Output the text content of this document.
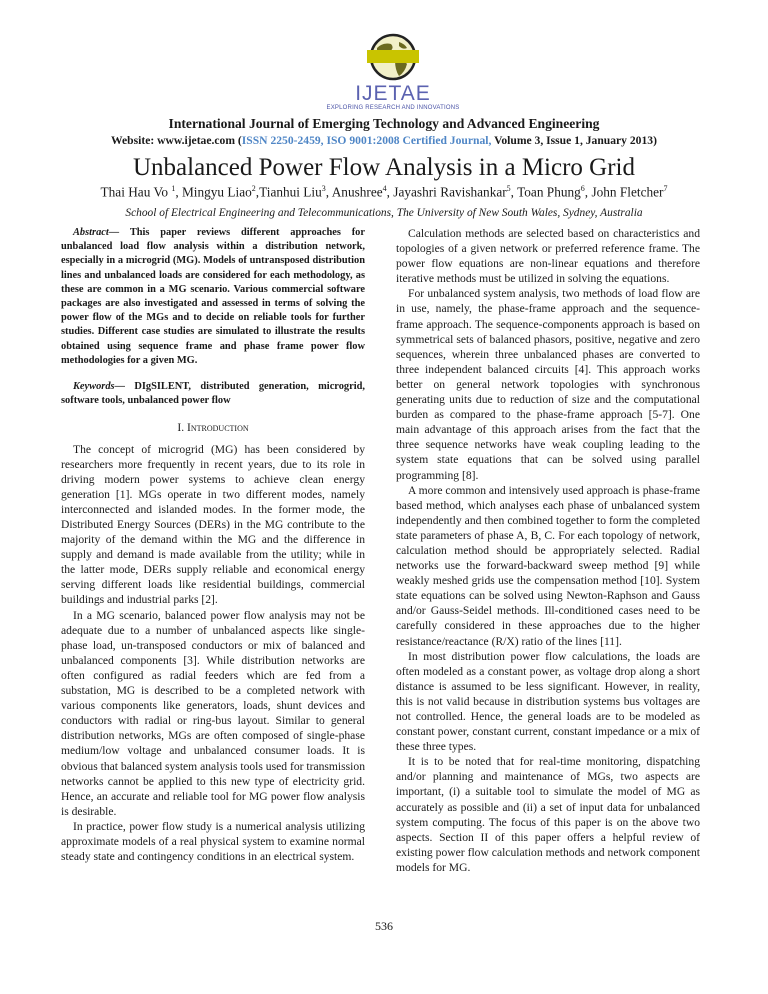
IJETAE
EXPLORING RESEARCH AND INNOVATIONS
International Journal of Emerging Technology and Advanced Engineering
Website: www.ijetae.com (ISSN 2250-2459, ISO 9001:2008 Certified Journal, Volume 3, Issue 1, January 2013)
Unbalanced Power Flow Analysis in a Micro Grid
Thai Hau Vo $^1$, Mingyu Liao$^2$,Tianhui Liu$^3$, Anushree$^4$, Jayashri Ravishankar$^5$, Toan Phung$^6$, John Fletcher$^7$
School of Electrical Engineering and Telecommunications, The University of New South Wales, Sydney, Australia

Abstract— This paper reviews different approaches for unbalanced load flow analysis within a distribution network, especially in a microgrid (MG). Models of untransposed distribution lines and unbalanced loads are considered for each methodology, as these are common in a MG scenario. Various commercial software packages are also investigated and assessed in terms of solving the power flow of the MGs and to decide on reliable tools for further studies. Different case studies are simulated to illustrate the results obtained using sequence frame and phase frame power flow methodologies for a given MG.

Keywords— DIgSILENT, distributed generation, microgrid, software tools, unbalanced power flow

I. Introduction

The concept of microgrid (MG) has been considered by researchers more frequently in recent years, due to its role in driving modern power systems to achieve clean energy generation [1]. MGs operate in two different modes, namely interconnected and islanded modes. In the former mode, the Distributed Energy Sources (DERs) in the MG contribute to the majority of the demand within the MG and the difference in supply and demand is made available from the utility; while in the latter mode, DERs supply reliable and economical energy serving different loads like residential buildings, commercial buildings and industrial parks [2].

In a MG scenario, balanced power flow analysis may not be adequate due to a number of unbalanced aspects like single-phase load, un-transposed conductors or mix of balanced and unbalanced components [3]. While distribution networks are often configured as radial feeders which are fed from a substation, MG is described to be a completed network with various components like generators, loads, shunt devices and conductors with radial or ring-bus layout. Similar to general distribution networks, MGs are often composed of single-phase medium/low voltage and unbalanced consumer loads. It is obvious that balanced system analysis tools used for transmission networks cannot be applied to this new type of electricity grid. Hence, an accurate and reliable tool for MG power flow analysis is desirable.

In practice, power flow study is a numerical analysis utilizing approximate models of a real physical system to examine normal steady state and contingency conditions in an electrical system.

Calculation methods are selected based on characteristics and topologies of a given network or preferred reference frame. The power flow equations are non-linear equations and therefore iterative methods must be utilized in solving the equations.

For unbalanced system analysis, two methods of load flow are in use, namely, the phase-frame approach and the sequence-frame approach. The sequence-components approach is based on symmetrical sets of balanced phasors, positive, negative and zero sequences, wherein three unbalanced phases are converted to three independent balanced circuits [4]. This approach works better on general network topologies with synchronous generating units due to reduction of size and the computational burden as compared to the phase-frame approach [5-7]. One main advantage of this approach arises from the fact that the three sequence networks have weak coupling leading to the system state equations that can be solved using parallel programming [8].

A more common and intensively used approach is phase-frame based method, which analyses each phase of unbalanced system independently and then combined together to form the completed state parameters of phase A, B, C. For each topology of network, calculation method should be appropriately selected. Radial networks use the forward-backward sweep method [9] while weakly meshed grids use the compensation method [10]. System state equations can be solved using Newton-Raphson and Gauss and/or Gauss-Seidel methods. Ill-conditioned cases need to be carefully considered in these approaches due to the higher resistance/reactance (R/X) ratio of the lines [11].

In most distribution power flow calculations, the loads are often modeled as a constant power, as voltage drop along a short distance is assumed to be less significant. However, in reality, this is not valid because in distribution systems bus voltages are not controlled. Hence, the general loads are to be modeled as constant power, constant current, constant impedance or a mix of these three types.

It is to be noted that for real-time monitoring, dispatching and/or planning and maintenance of MGs, two aspects are important, (i) a suitable tool to simulate the model of MG as accurately as possible and (ii) a set of input data for unbalanced system computing. The focus of this paper is on the above two aspects. Section II of this paper offers a helpful review of existing power flow calculation methods and network component models for MG.

536
